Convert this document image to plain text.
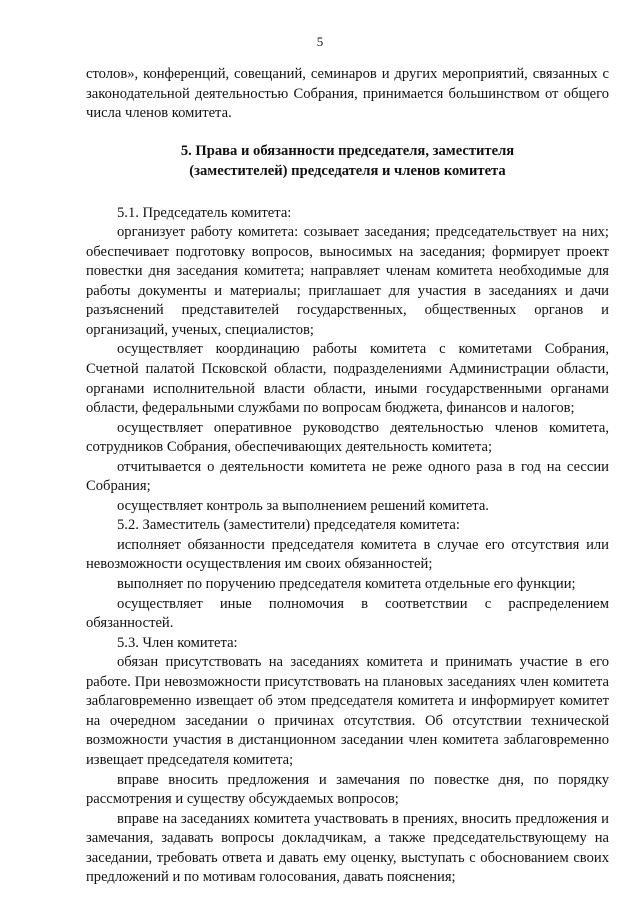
5

столов», конференций, совещаний, семинаров и других мероприятий, связанных с законодательной деятельностью Собрания, принимается большинством от общего числа членов комитета.

5. Права и обязанности председателя, заместителя
(заместителей) председателя и членов комитета

5.1. Председатель комитета:

организует работу комитета: созывает заседания; председательствует на них; обеспечивает подготовку вопросов, выносимых на заседания; формирует проект повестки дня заседания комитета; направляет членам комитета необходимые для работы документы и материалы; приглашает для участия в заседаниях и дачи разъяснений представителей государственных, общественных органов и организаций, ученых, специалистов;

осуществляет координацию работы комитета с комитетами Собрания, Счетной палатой Псковской области, подразделениями Администрации области, органами исполнительной власти области, иными государственными органами области, федеральными службами по вопросам бюджета, финансов и налогов;

осуществляет оперативное руководство деятельностью членов комитета, сотрудников Собрания, обеспечивающих деятельность комитета;

отчитывается о деятельности комитета не реже одного раза в год на сессии Собрания;

осуществляет контроль за выполнением решений комитета.

5.2. Заместитель (заместители) председателя комитета:

исполняет обязанности председателя комитета в случае его отсутствия или невозможности осуществления им своих обязанностей;

выполняет по поручению председателя комитета отдельные его функции;

осуществляет иные полномочия в соответствии с распределением обязанностей.

5.3. Член комитета:

обязан присутствовать на заседаниях комитета и принимать участие в его работе. При невозможности присутствовать на плановых заседаниях член комитета заблаговременно извещает об этом председателя комитета и информирует комитет на очередном заседании о причинах отсутствия. Об отсутствии технической возможности участия в дистанционном заседании член комитета заблаговременно извещает председателя комитета;

вправе вносить предложения и замечания по повестке дня, по порядку рассмотрения и существу обсуждаемых вопросов;

вправе на заседаниях комитета участвовать в прениях, вносить предложения и замечания, задавать вопросы докладчикам, а также председательствующему на заседании, требовать ответа и давать ему оценку, выступать с обоснованием своих предложений и по мотивам голосования, давать пояснения;
